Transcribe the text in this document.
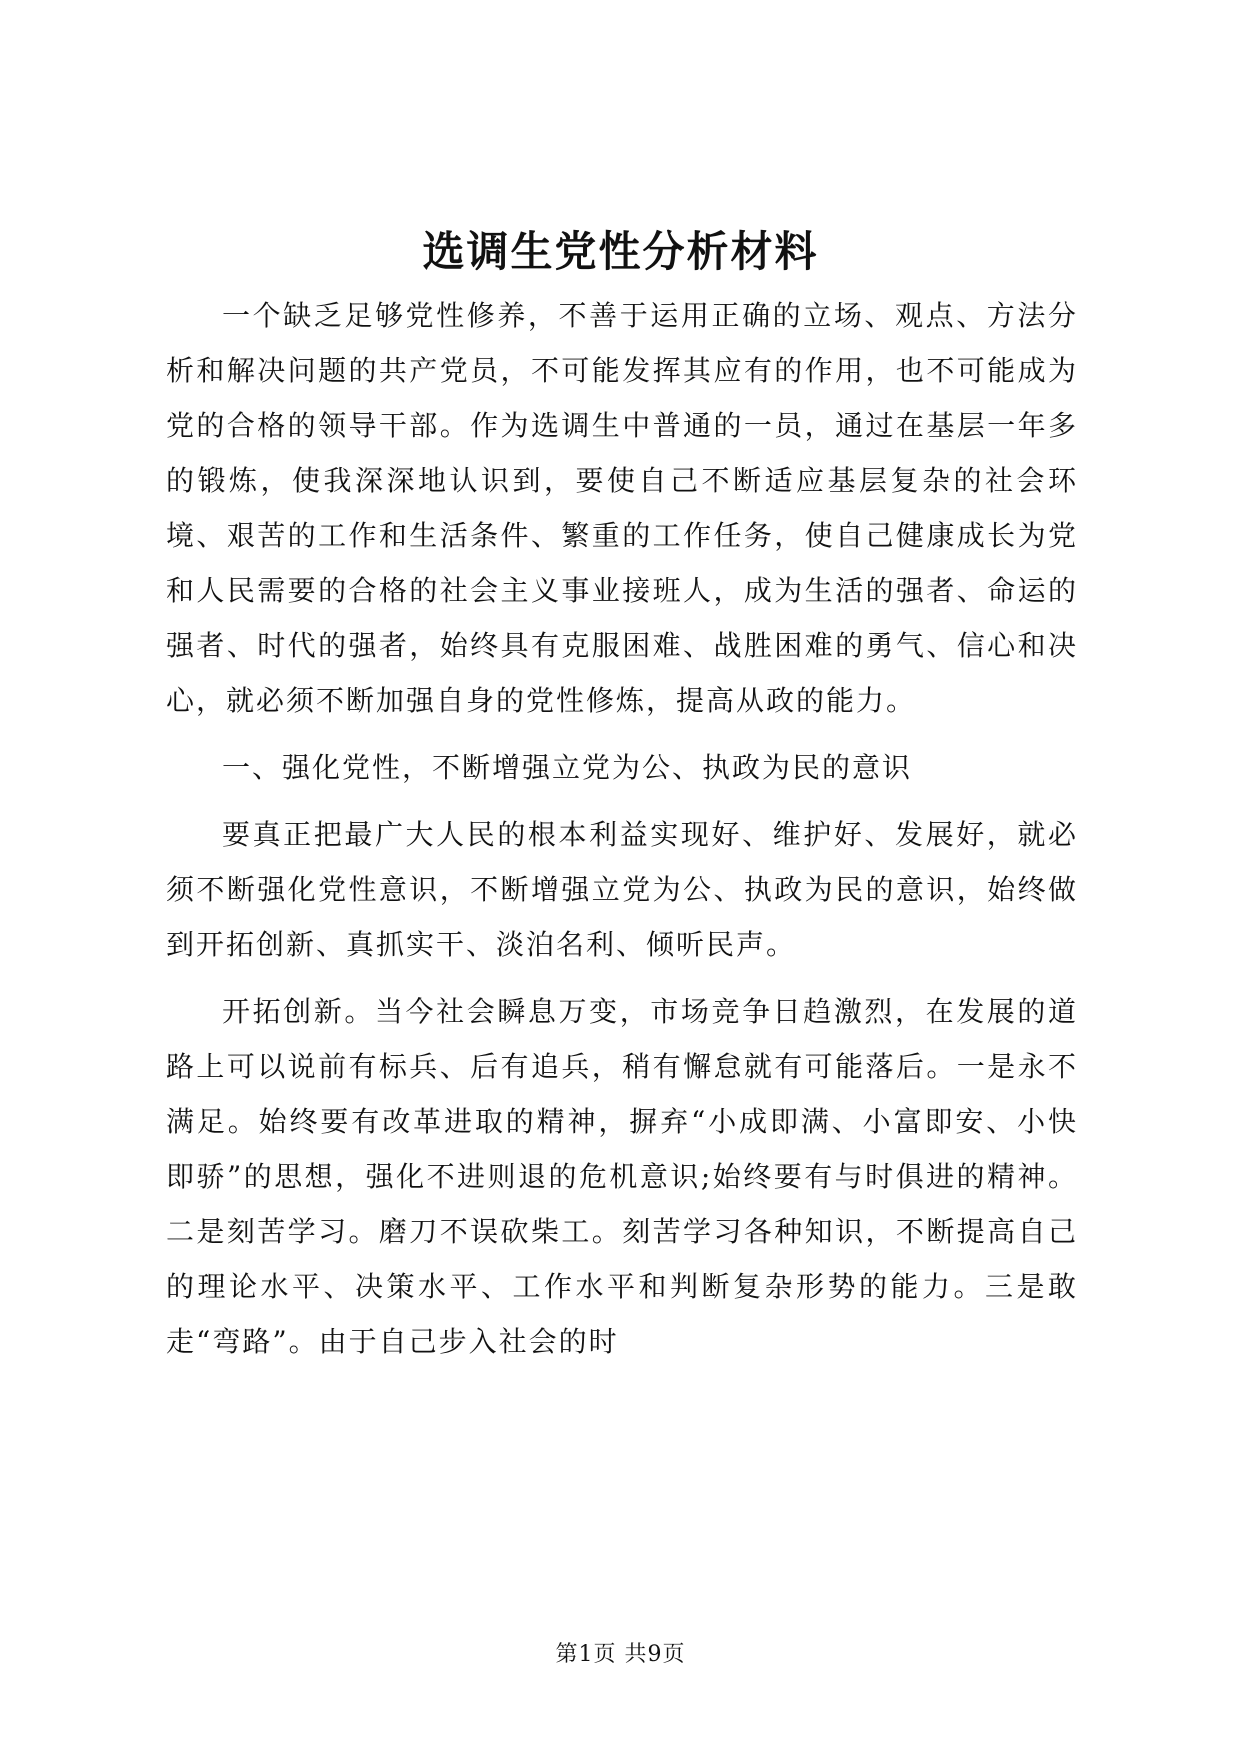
选调生党性分析材料

一个缺乏足够党性修养，不善于运用正确的立场、观点、方法分析和解决问题的共产党员，不可能发挥其应有的作用，也不可能成为党的合格的领导干部。作为选调生中普通的一员，通过在基层一年多的锻炼，使我深深地认识到，要使自己不断适应基层复杂的社会环境、艰苦的工作和生活条件、繁重的工作任务，使自己健康成长为党和人民需要的合格的社会主义事业接班人，成为生活的强者、命运的强者、时代的强者，始终具有克服困难、战胜困难的勇气、信心和决心，就必须不断加强自身的党性修炼，提高从政的能力。

一、强化党性，不断增强立党为公、执政为民的意识

要真正把最广大人民的根本利益实现好、维护好、发展好，就必须不断强化党性意识，不断增强立党为公、执政为民的意识，始终做到开拓创新、真抓实干、淡泊名利、倾听民声。

开拓创新。当今社会瞬息万变，市场竞争日趋激烈，在发展的道路上可以说前有标兵、后有追兵，稍有懈怠就有可能落后。一是永不满足。始终要有改革进取的精神，摒弃“小成即满、小富即安、小快即骄”的思想，强化不进则退的危机意识;始终要有与时俱进的精神。二是刻苦学习。磨刀不误砍柴工。刻苦学习各种知识，不断提高自己的理论水平、决策水平、工作水平和判断复杂形势的能力。三是敢走“弯路”。由于自己步入社会的时

第1页 共9页
